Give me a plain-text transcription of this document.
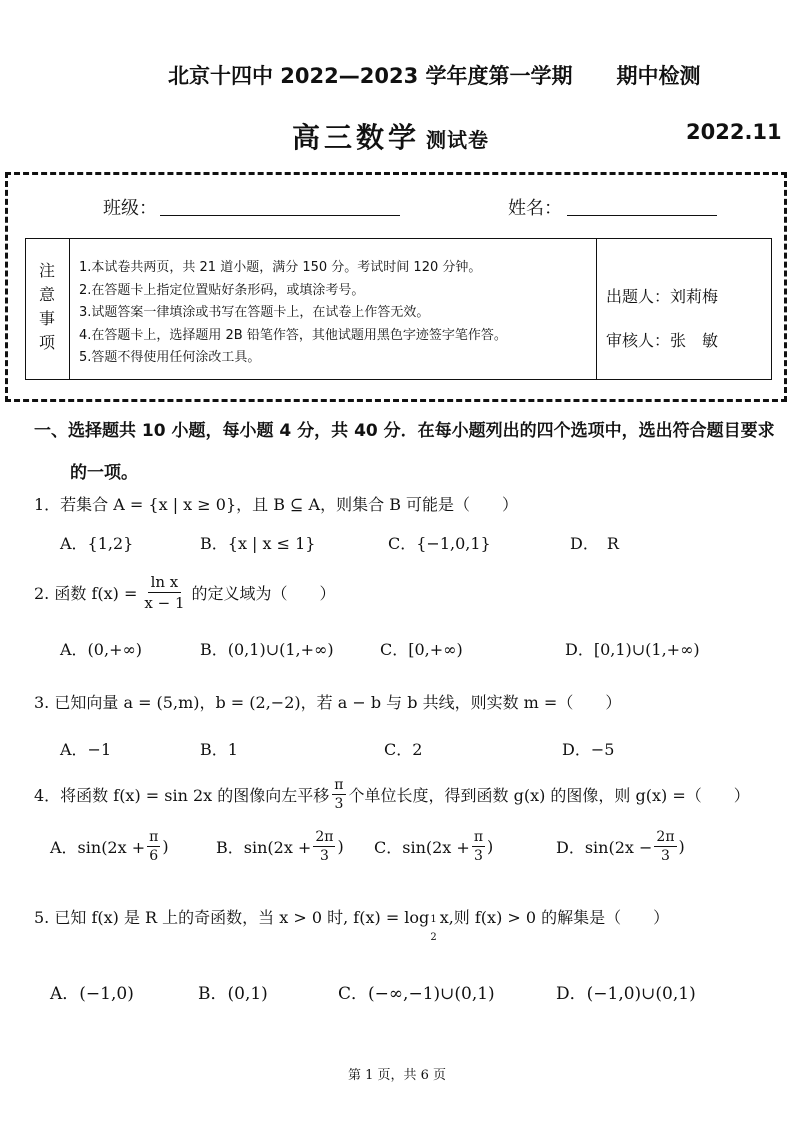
北京十四中 2022—2023 学年度第一学期 期中检测
高三数学 测试卷	2022.11
班级：	姓名：
注意事项
1.本试卷共两页，共 21 道小题，满分 150 分。考试时间 120 分钟。
2.在答题卡上指定位置贴好条形码，或填涂考号。
3.试题答案一律填涂或书写在答题卡上，在试卷上作答无效。
4.在答题卡上，选择题用 2B 铅笔作答，其他试题用黑色字迹签字笔作答。
5.答题不得使用任何涂改工具。
出题人：刘莉梅
审核人：张　敏
一、选择题共 10 小题，每小题 4 分，共 40 分．在每小题列出的四个选项中，选出符合题目要求
的一项。
1．若集合 A = {x | x ≥ 0}，且 B ⊆ A，则集合 B 可能是（　　）
A．{1,2}	B．{x | x ≤ 1}	C．{−1,0,1}	D．　R
2. 函数 $f(x) = \frac{\text{ln x}}{x - 1}$ 的定义域为（　　）
A．(0,+∞)	B．(0,1)∪(1,+∞)	C．[0,+∞)	D．[0,1)∪(1,+∞)
3. 已知向量 a = (5,m)，b = (2,−2)，若 a − b 与 b 共线，则实数 m =（　　）
A．−1	B．1	C．2	D．−5
4．将函数 f(x) = sin 2x 的图像向左平移 $\frac{\pi}{3}$ 个单位长度，得到函数 g(x) 的图像，则 g(x) =（　　）
A．$\sin(2x + \frac{\pi}{6}$ )	B．$\sin(2x + \frac{2\pi}{3}$ ) C．$\sin(2x + \frac{\pi}{3}$ )	D．$\sin(2x - \frac{2\pi}{3}$ )
5. 已知 f(x) 是 R 上的奇函数，当 x > 0 时, f(x) = log 1
2
x,则 f(x) > 0 的解集是（　　）
A．(−1,0)	B．(0,1)	C．(−∞,−1)∪(0,1)	D．(−1,0)∪(0,1)
第 1 页，共 6 页
